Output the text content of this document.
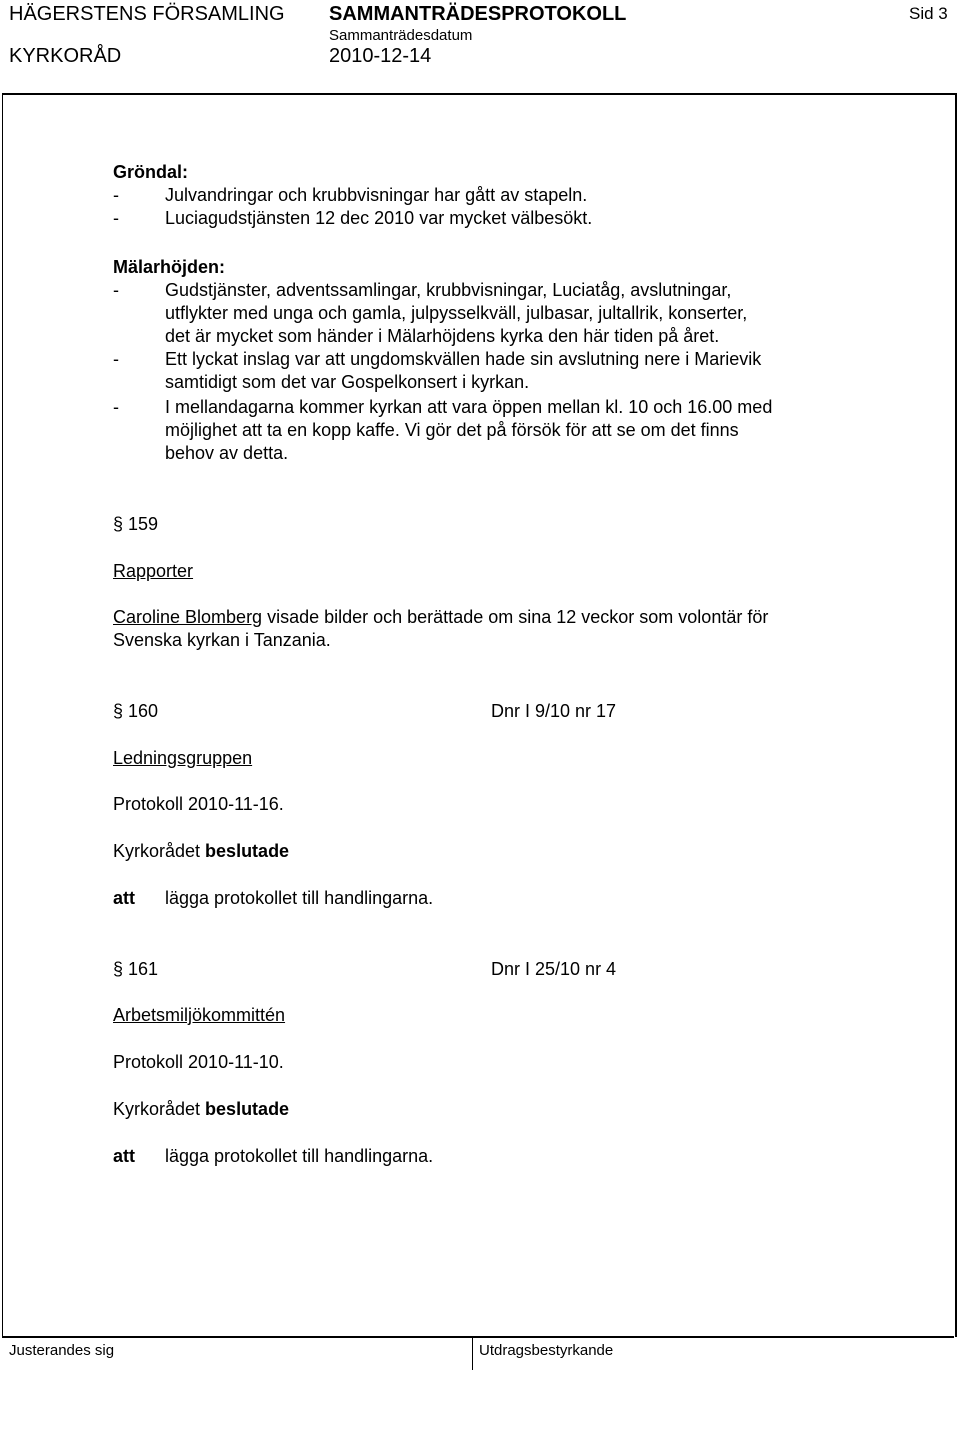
HÄGERSTENS FÖRSAMLING
KYRKORÅD
SAMMANTRÄDESPROTOKOLL
Sammanträdesdatum
2010-12-14
Sid 3
Gröndal:
-	Julvandringar och krubbvisningar har gått av stapeln.
-	Luciagudstjänsten 12 dec 2010 var mycket välbesökt.
Mälarhöjden:
-	Gudstjänster, adventssamlingar, krubbvisningar, Luciatåg, avslutningar,
utflykter med unga och gamla, julpysselkväll, julbasar, jultallrik, konserter,
det är mycket som händer i Mälarhöjdens kyrka den här tiden på året.
-	Ett lyckat inslag var att ungdomskvällen hade sin avslutning nere i Marievik
samtidigt som det var Gospelkonsert i kyrkan.
-	I mellandagarna kommer kyrkan att vara öppen mellan kl. 10 och 16.00 med
möjlighet att ta en kopp kaffe. Vi gör det på försök för att se om det finns
behov av detta.
§ 159
Rapporter
Caroline Blomberg visade bilder och berättade om sina 12 veckor som volontär för
Svenska kyrkan i Tanzania.
§ 160	Dnr I 9/10 nr 17
Ledningsgruppen
Protokoll 2010-11-16.
Kyrkorådet beslutade
att lägga protokollet till handlingarna.
§ 161	Dnr I 25/10 nr 4
Arbetsmiljökommittén
Protokoll 2010-11-10.
Kyrkorådet beslutade
att lägga protokollet till handlingarna.
Justerandes sig	Utdragsbestyrkande
